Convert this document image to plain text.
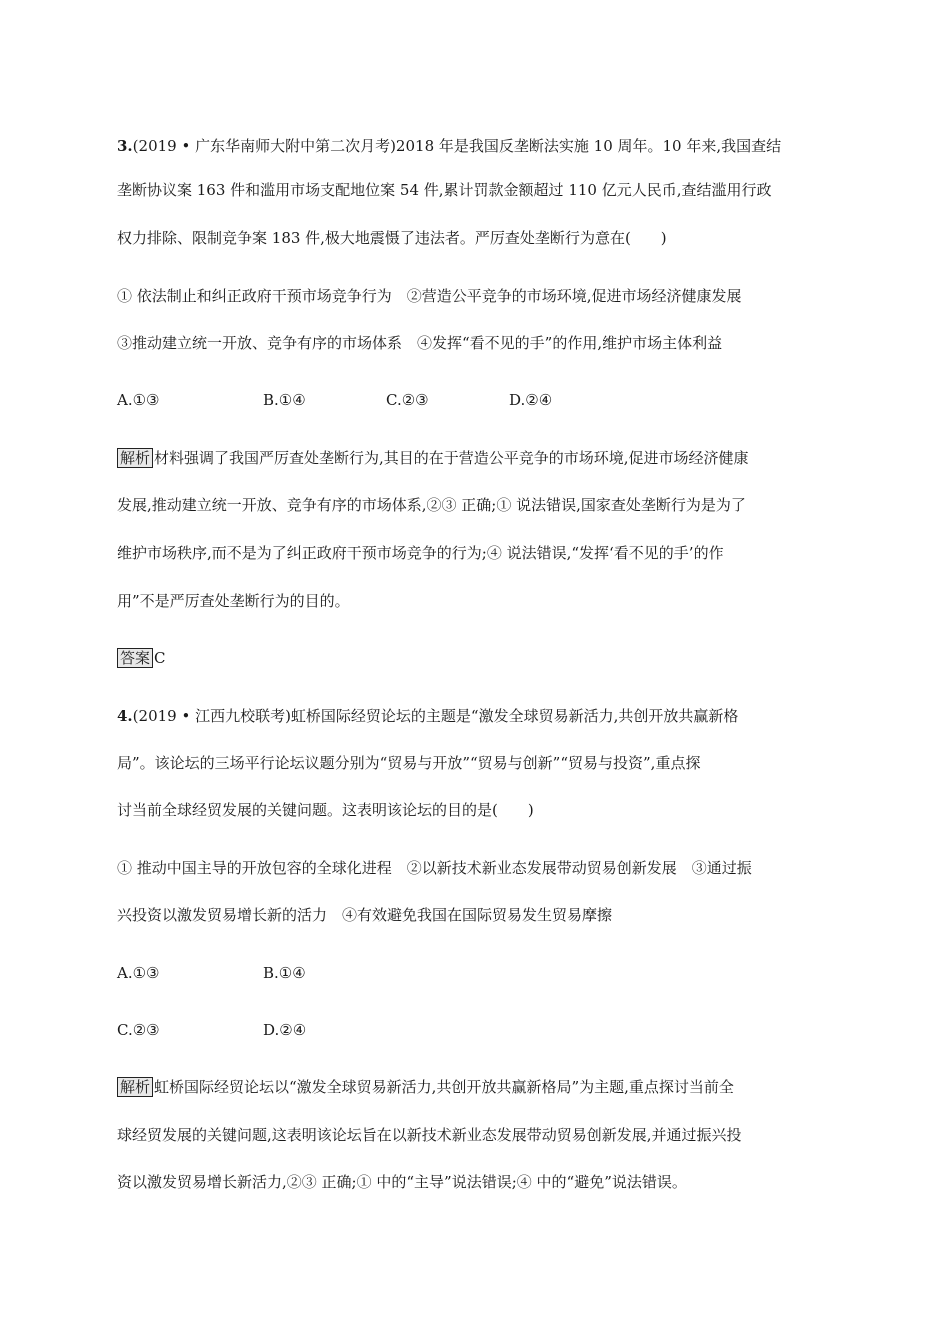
3.(2019 • 广东华南师大附中第二次月考)2018 年是我国反垄断法实施 10 周年。10 年来,我国查结
垄断协议案 163 件和滥用市场支配地位案 54 件,累计罚款金额超过 110 亿元人民币,查结滥用行政
权力排除、限制竞争案 183 件,极大地震慑了违法者。严厉查处垄断行为意在(　　)
① 依法制止和纠正政府干预市场竞争行为　②营造公平竞争的市场环境,促进市场经济健康发展
③推动建立统一开放、竞争有序的市场体系　④发挥“看不见的手”的作用,维护市场主体利益
A.①③	B.①④	C.②③	D.②④
解析 材料强调了我国严厉查处垄断行为,其目的在于营造公平竞争的市场环境,促进市场经济健康
发展,推动建立统一开放、竞争有序的市场体系,②③ 正确;① 说法错误,国家查处垄断行为是为了
维护市场秩序,而不是为了纠正政府干预市场竞争的行为;④ 说法错误,“发挥‘看不见的手’的作
用”不是严厉查处垄断行为的目的。
答案 C
4.(2019 • 江西九校联考)虹桥国际经贸论坛的主题是“激发全球贸易新活力,共创开放共赢新格
局”。该论坛的三场平行论坛议题分别为“贸易与开放”“贸易与创新”“贸易与投资”,重点探
讨当前全球经贸发展的关键问题。这表明该论坛的目的是(　　)
① 推动中国主导的开放包容的全球化进程　②以新技术新业态发展带动贸易创新发展　③通过振
兴投资以激发贸易增长新的活力　④有效避免我国在国际贸易发生贸易摩擦
A.①③	B.①④
C.②③	D.②④
解析 虹桥国际经贸论坛以“激发全球贸易新活力,共创开放共赢新格局”为主题,重点探讨当前全
球经贸发展的关键问题,这表明该论坛旨在以新技术新业态发展带动贸易创新发展,并通过振兴投
资以激发贸易增长新活力,②③ 正确;① 中的“主导”说法错误;④ 中的“避免”说法错误。
